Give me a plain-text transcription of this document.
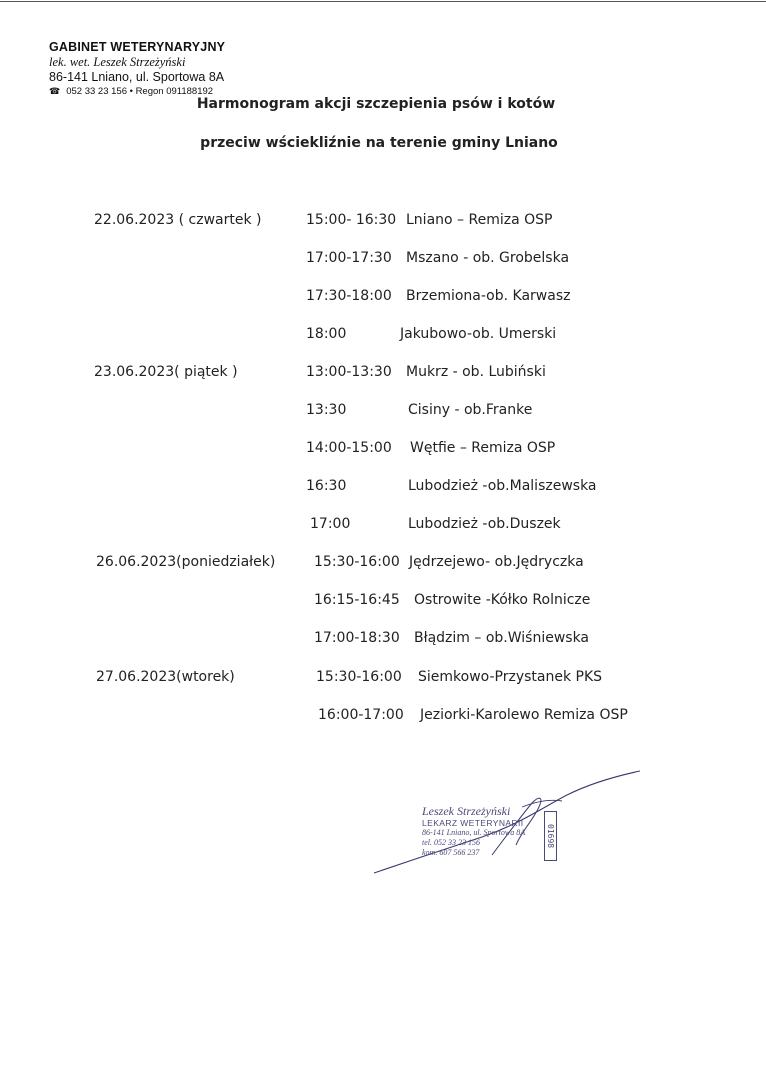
GABINET WETERYNARYJNY
lek. wet. Leszek Strzeżyński
86-141 Lniano, ul. Sportowa 8A
☎ 052 33 23 156 • Regon 091188192
Harmonogram akcji szczepienia psów i kotów
przeciw wściekliźnie na terenie gminy Lniano
22.06.2023 ( czwartek )	15:00- 16:30 Lniano – Remiza OSP
17:00-17:30 Mszano - ob. Grobelska
17:30-18:00 Brzemiona-ob. Karwasz
18:00	Jakubowo-ob. Umerski
23.06.2023( piątek )	13:00-13:30 Mukrz - ob. Lubiński
13:30	Cisiny - ob.Franke
14:00-15:00 Wętfie – Remiza OSP
16:30	Lubodzież -ob.Maliszewska
17:00	Lubodzież -ob.Duszek
26.06.2023(poniedziałek)	15:30-16:00 Jędrzejewo- ob.Jędryczka
16:15-16:45 Ostrowite -Kółko Rolnicze
17:00-18:30 Błądzim – ob.Wiśniewska
27.06.2023(wtorek)	15:30-16:00 Siemkowo-Przystanek PKS
16:00-17:00 Jeziorki-Karolewo Remiza OSP
Leszek Strzeżyński
LEKARZ WETERYNARII
86-141 Lniano, ul. Sportowa 8A
tel. 052 33 23 156
kom. 607 566 237
01698
